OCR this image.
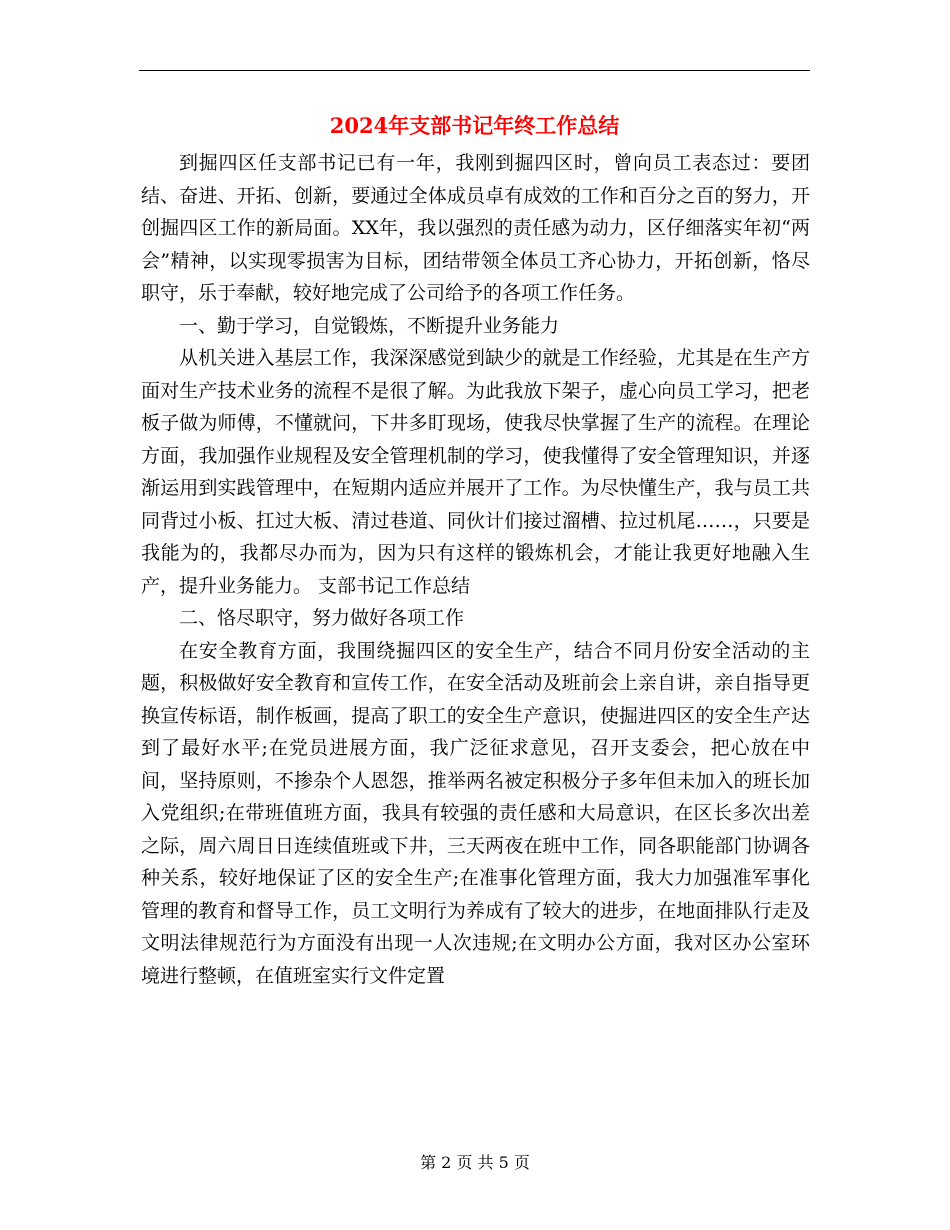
2024年支部书记年终工作总结

到掘四区任支部书记已有一年，我刚到掘四区时，曾向员工表态过：要团结、奋进、开拓、创新，要通过全体成员卓有成效的工作和百分之百的努力，开创掘四区工作的新局面。XX年，我以强烈的责任感为动力，区仔细落实年初“两会”精神，以实现零损害为目标，团结带领全体员工齐心协力，开拓创新，恪尽职守，乐于奉献，较好地完成了公司给予的各项工作任务。

一、勤于学习，自觉锻炼，不断提升业务能力

从机关进入基层工作，我深深感觉到缺少的就是工作经验，尤其是在生产方面对生产技术业务的流程不是很了解。为此我放下架子，虚心向员工学习，把老板子做为师傅，不懂就问，下井多盯现场，使我尽快掌握了生产的流程。在理论方面，我加强作业规程及安全管理机制的学习，使我懂得了安全管理知识，并逐渐运用到实践管理中，在短期内适应并展开了工作。为尽快懂生产，我与员工共同背过小板、扛过大板、清过巷道、同伙计们接过溜槽、拉过机尾……，只要是我能为的，我都尽办而为，因为只有这样的锻炼机会，才能让我更好地融入生产，提升业务能力。 支部书记工作总结

二、恪尽职守，努力做好各项工作

在安全教育方面，我围绕掘四区的安全生产，结合不同月份安全活动的主题，积极做好安全教育和宣传工作，在安全活动及班前会上亲自讲，亲自指导更换宣传标语，制作板画，提高了职工的安全生产意识，使掘进四区的安全生产达到了最好水平;在党员进展方面，我广泛征求意见，召开支委会，把心放在中间，坚持原则，不掺杂个人恩怨，推举两名被定积极分子多年但未加入的班长加入党组织;在带班值班方面，我具有较强的责任感和大局意识，在区长多次出差之际，周六周日日连续值班或下井，三天两夜在班中工作，同各职能部门协调各种关系，较好地保证了区的安全生产;在准事化管理方面，我大力加强准军事化管理的教育和督导工作，员工文明行为养成有了较大的进步，在地面排队行走及文明法律规范行为方面没有出现一人次违规;在文明办公方面，我对区办公室环境进行整顿，在值班室实行文件定置

第 2 页 共 5 页
